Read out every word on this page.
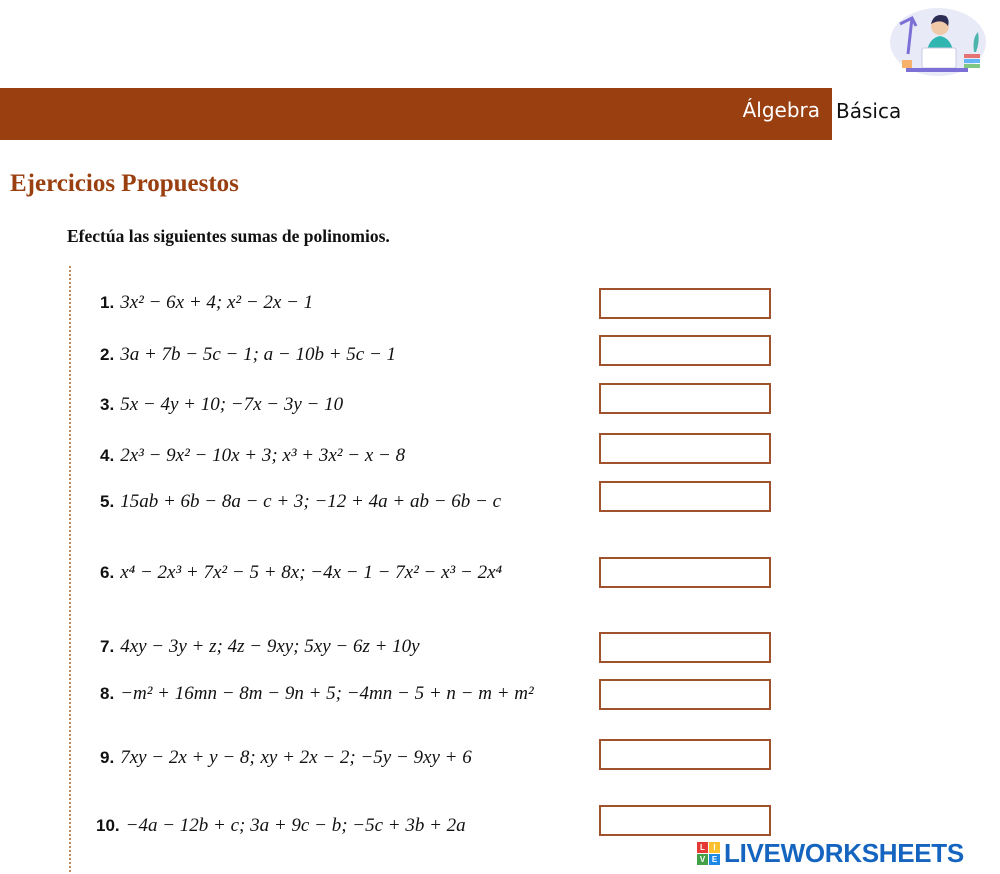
Álgebra Básica
Ejercicios Propuestos
Efectúa las siguientes sumas de polinomios.
1. 3x² − 6x + 4; x² − 2x − 1
2. 3a + 7b − 5c − 1; a − 10b + 5c − 1
3. 5x − 4y + 10; −7x − 3y − 10
4. 2x³ − 9x² − 10x + 3; x³ + 3x² − x − 8
5. 15ab + 6b − 8a − c + 3; −12 + 4a + ab − 6b − c
6. x⁴ − 2x³ + 7x² − 5 + 8x; −4x − 1 − 7x² − x³ − 2x⁴
7. 4xy − 3y + z; 4z − 9xy; 5xy − 6z + 10y
8. −m² + 16mn − 8m − 9n + 5; −4mn − 5 + n − m + m²
9. 7xy − 2x + y − 8; xy + 2x − 2; −5y − 9xy + 6
10. −4a − 12b + c; 3a + 9c − b; −5c + 3b + 2a
L	I
V E LIVEWORKSHEETS
